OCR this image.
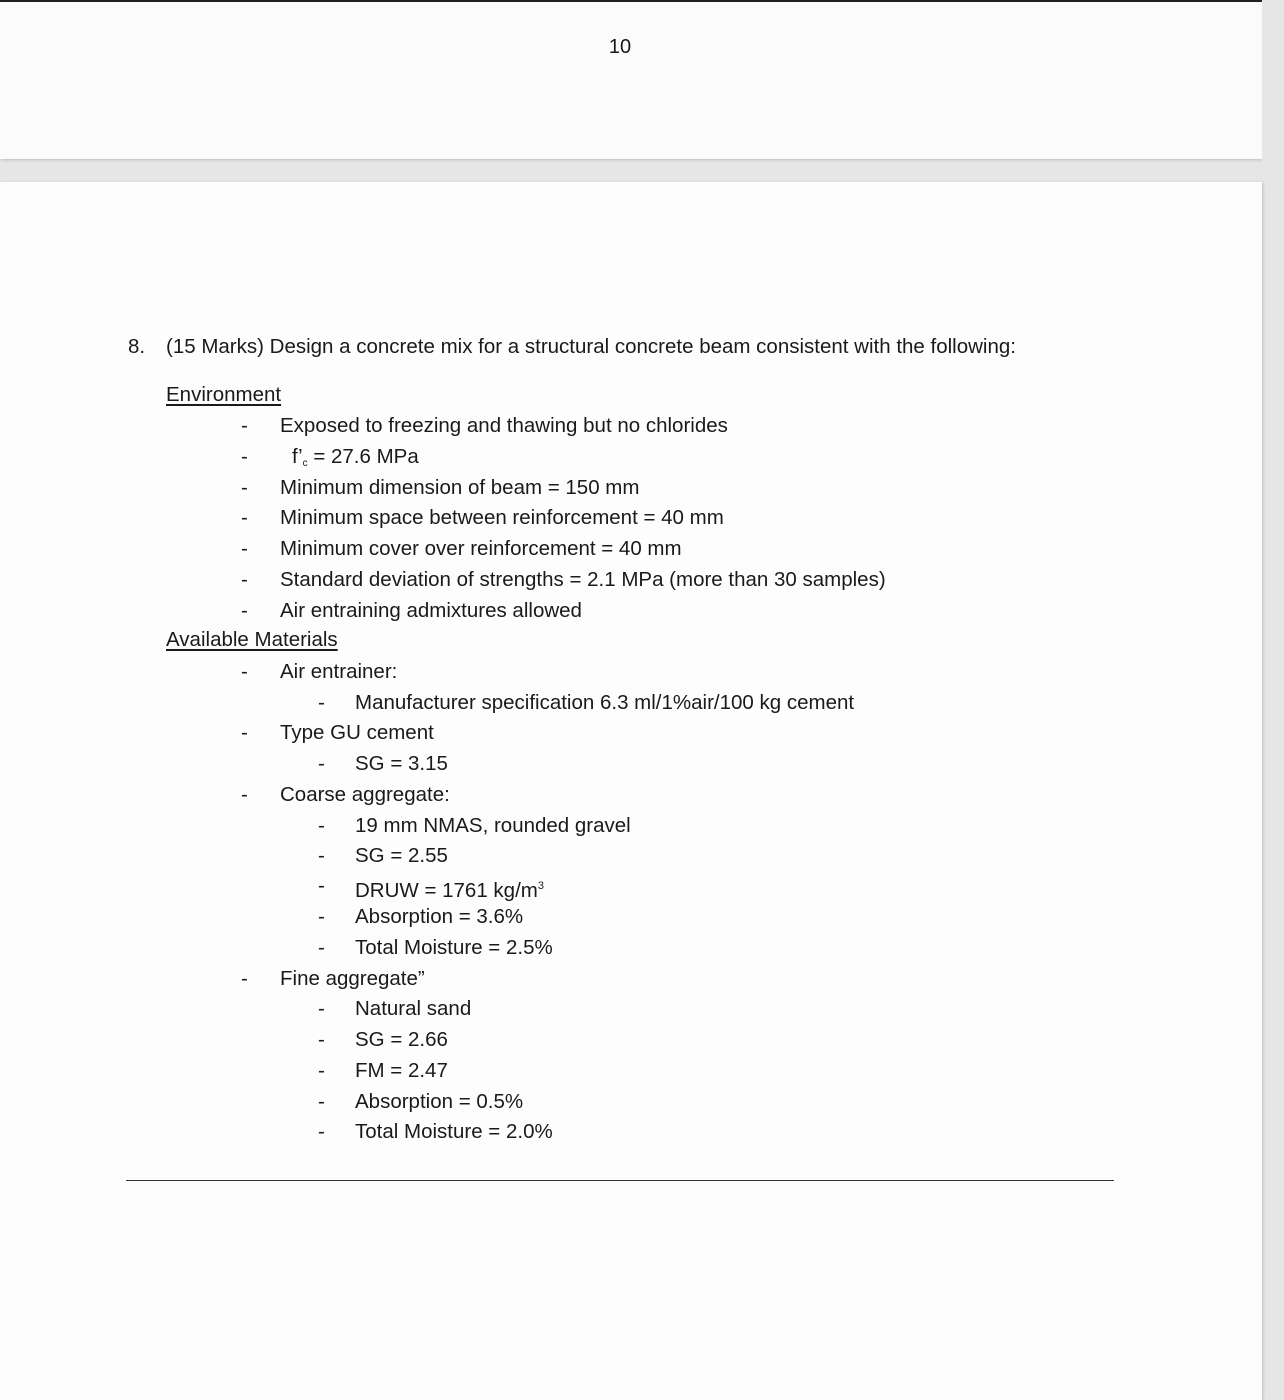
10
8. (15 Marks) Design a concrete mix for a structural concrete beam consistent with the following:
Environment
- Exposed to freezing and thawing but no chlorides
- f’c = 27.6 MPa
- Minimum dimension of beam = 150 mm
- Minimum space between reinforcement = 40 mm
- Minimum cover over reinforcement = 40 mm
- Standard deviation of strengths = 2.1 MPa (more than 30 samples)
- Air entraining admixtures allowed
Available Materials
- Air entrainer:
- Manufacturer specification 6.3 ml/1%air/100 kg cement
- Type GU cement
- SG = 3.15
- Coarse aggregate:
- 19 mm NMAS, rounded gravel
- SG = 2.55
- DRUW = 1761 $kg/m^3$
- Absorption = 3.6%
- Total Moisture = 2.5%
- Fine aggregate”
- Natural sand
- SG = 2.66
- FM = 2.47
- Absorption = 0.5%
- Total Moisture = 2.0%
